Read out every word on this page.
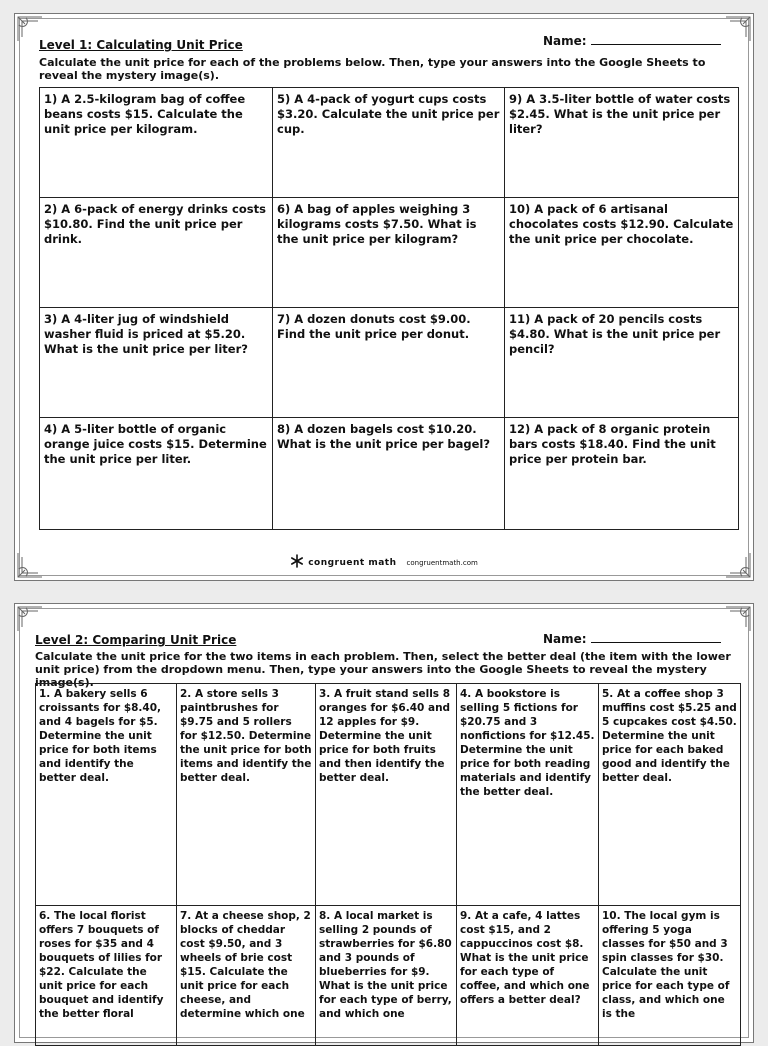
Level 1: Calculating Unit Price	Name:
Calculate the unit price for each of the problems below. Then, type your answers into the Google Sheets to reveal the mystery image(s).
1) A 2.5-kilogram bag of coffee beans costs $15. Calculate the unit price per kilogram.	5) A 4-pack of yogurt cups costs $3.20. Calculate the unit price per cup.	9) A 3.5-liter bottle of water costs $2.45. What is the unit price per liter?

2) A 6-pack of energy drinks costs $10.80. Find the unit price per drink.	6) A bag of apples weighing 3 kilograms costs $7.50. What is the unit price per kilogram?	10) A pack of 6 artisanal chocolates costs $12.90. Calculate the unit price per chocolate.

3) A 4-liter jug of windshield washer fluid is priced at $5.20. What is the unit price per liter?	7) A dozen donuts cost $9.00. Find the unit price per donut.	11) A pack of 20 pencils costs $4.80. What is the unit price per pencil?

4) A 5-liter bottle of organic orange juice costs $15. Determine the unit price per liter.	8) A dozen bagels cost $10.20. What is the unit price per bagel?	12) A pack of 8 organic protein bars costs $18.40. Find the unit price per protein bar.
congruent math congruentmath.com
Level 2: Comparing Unit Price	Name:
Calculate the unit price for the two items in each problem. Then, select the better deal (the item with the lower unit price) from the dropdown menu. Then, type your answers into the Google Sheets to reveal the mystery image(s).
1. A bakery sells 6 croissants for $8.40, and 4 bagels for $5. Determine the unit price for both items and identify the better deal.	2. A store sells 3 paintbrushes for $9.75 and 5 rollers for $12.50. Determine the unit price for both items and identify the better deal.	3. A fruit stand sells 8 oranges for $6.40 and 12 apples for $9. Determine the unit price for both fruits and then identify the better deal.	4. A bookstore is selling 5 fictions for $20.75 and 3 nonfictions for $12.45. Determine the unit price for both reading materials and identify the better deal.	5. At a coffee shop 3 muffins cost $5.25 and 5 cupcakes cost $4.50. Determine the unit price for each baked good and identify the better deal.

6. The local florist offers 7 bouquets of roses for $35 and 4 bouquets of lilies for $22. Calculate the unit price for each bouquet and identify the better floral	7. At a cheese shop, 2 blocks of cheddar cost $9.50, and 3 wheels of brie cost $15. Calculate the unit price for each cheese, and determine which one	8. A local market is selling 2 pounds of strawberries for $6.80 and 3 pounds of blueberries for $9. What is the unit price for each type of berry, and which one	9. At a cafe, 4 lattes cost $15, and 2 cappuccinos cost $8. What is the unit price for each type of coffee, and which one offers a better deal?	10. The local gym is offering 5 yoga classes for $50 and 3 spin classes for $30. Calculate the unit price for each type of class, and which one is the
